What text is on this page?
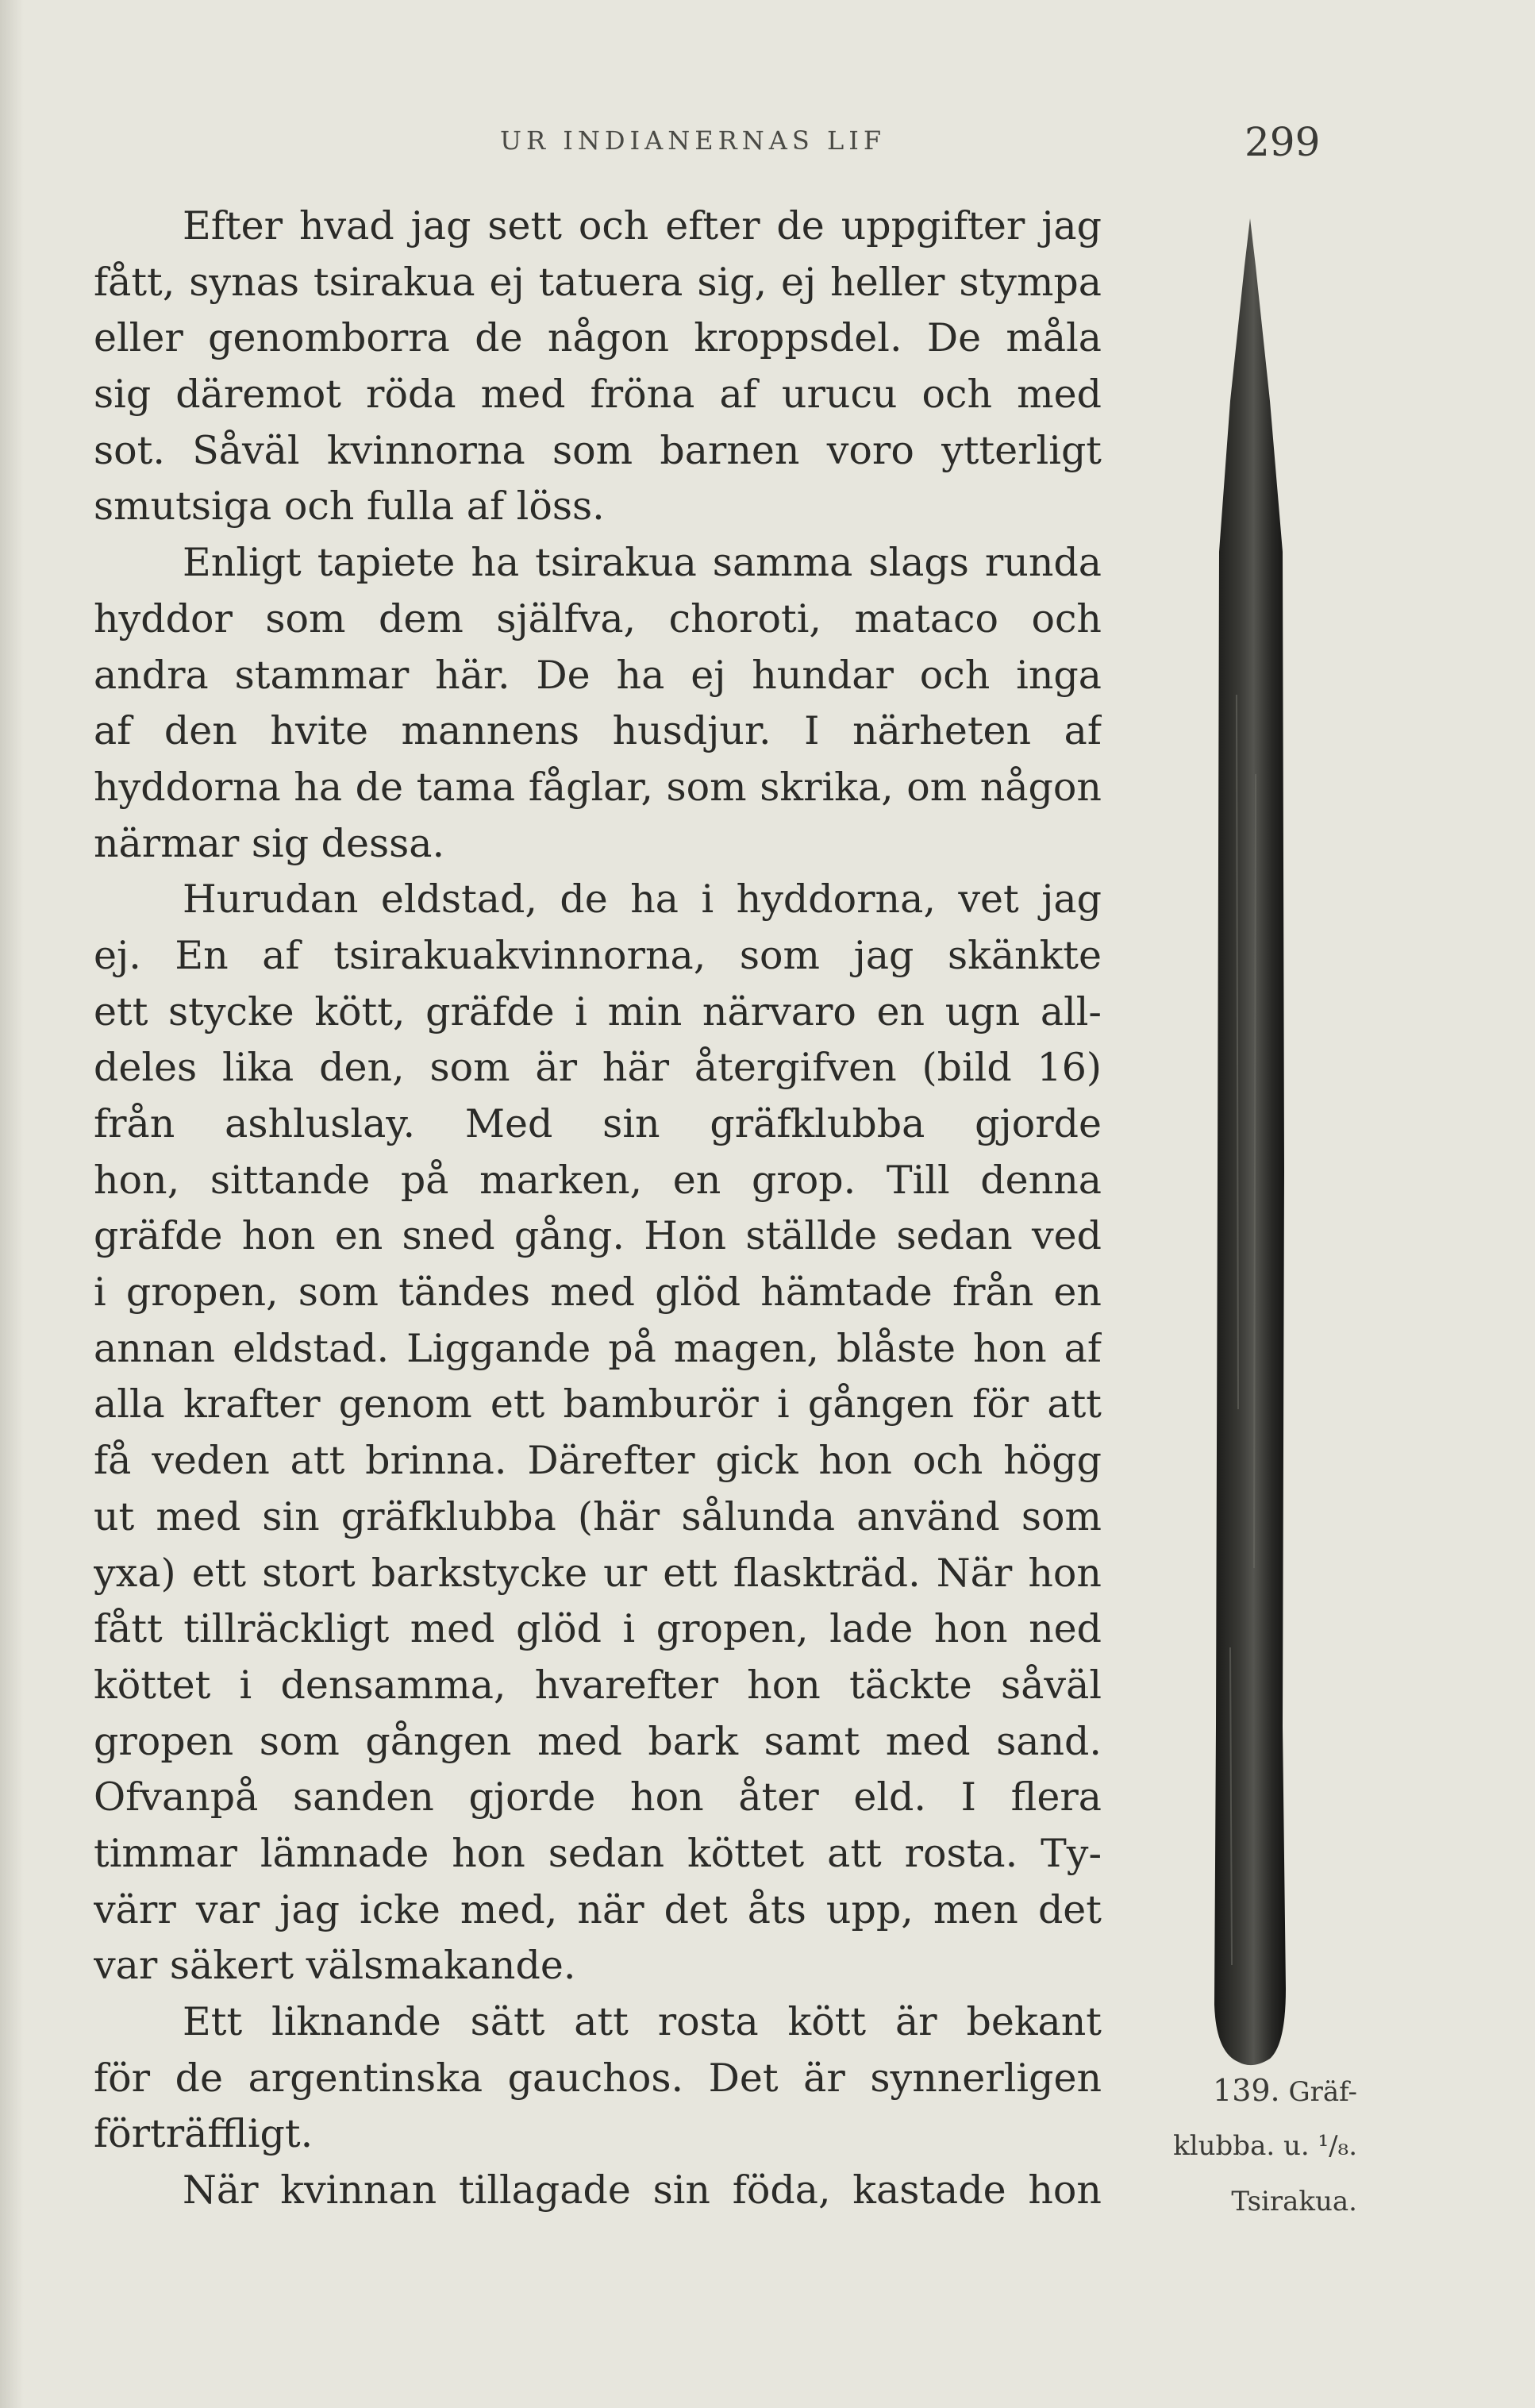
UR INDIANERNAS LIF	299
Efter hvad jag sett och efter de uppgifter jag
fått, synas tsirakua ej tatuera sig, ej heller stympa
eller genomborra de någon kroppsdel. De måla
sig däremot röda med fröna af urucu och med
sot. Såväl kvinnorna som barnen voro ytterligt
smutsiga och fulla af löss.
Enligt tapiete ha tsirakua samma slags runda
hyddor som dem själfva, choroti, mataco och
andra stammar här. De ha ej hundar och inga
af den hvite mannens husdjur. I närheten af
hyddorna ha de tama fåglar, som skrika, om någon
närmar sig dessa.
Hurudan eldstad, de ha i hyddorna, vet jag
ej. En af tsirakuakvinnorna, som jag skänkte
ett stycke kött, gräfde i min närvaro en ugn all-
deles lika den, som är här återgifven (bild 16)
från ashluslay. Med sin gräfklubba gjorde
hon, sittande på marken, en grop. Till denna
gräfde hon en sned gång. Hon ställde sedan ved
i gropen, som tändes med glöd hämtade från en
annan eldstad. Liggande på magen, blåste hon af
alla krafter genom ett bamburör i gången för att
få veden att brinna. Därefter gick hon och högg
ut med sin gräfklubba (här sålunda använd som
yxa) ett stort barkstycke ur ett flaskträd. När hon
fått tillräckligt med glöd i gropen, lade hon ned
köttet i densamma, hvarefter hon täckte såväl
gropen som gången med bark samt med sand.
Ofvanpå sanden gjorde hon åter eld. I flera
timmar lämnade hon sedan köttet att rosta. Ty-
värr var jag icke med, när det åts upp, men det
var säkert välsmakande.
Ett liknande sätt att rosta kött är bekant
för de argentinska gauchos. Det är synnerligen
förträffligt.
När kvinnan tillagade sin föda, kastade hon
139. Gräf-
klubba. u. ¹/₈.
Tsirakua.
